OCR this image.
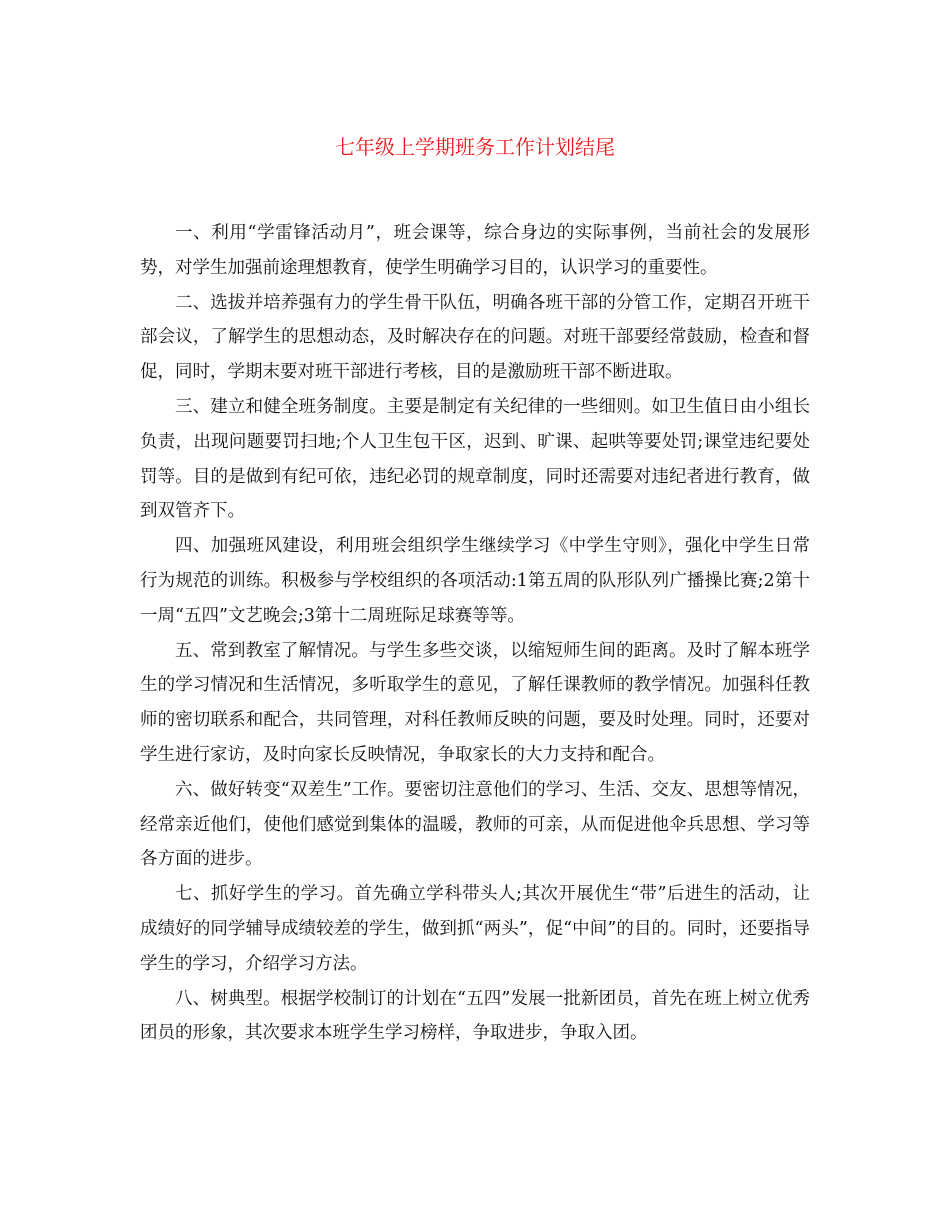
七年级上学期班务工作计划结尾

一、利用“学雷锋活动月”，班会课等，综合身边的实际事例，当前社会的发展形势，对学生加强前途理想教育，使学生明确学习目的，认识学习的重要性。

二、选拔并培养强有力的学生骨干队伍，明确各班干部的分管工作，定期召开班干部会议，了解学生的思想动态，及时解决存在的问题。对班干部要经常鼓励，检查和督促，同时，学期末要对班干部进行考核，目的是激励班干部不断进取。

三、建立和健全班务制度。主要是制定有关纪律的一些细则。如卫生值日由小组长负责，出现问题要罚扫地;个人卫生包干区，迟到、旷课、起哄等要处罚;课堂违纪要处罚等。目的是做到有纪可依，违纪必罚的规章制度，同时还需要对违纪者进行教育，做到双管齐下。

四、加强班风建设，利用班会组织学生继续学习《中学生守则》，强化中学生日常行为规范的训练。积极参与学校组织的各项活动:1第五周的队形队列广播操比赛;2第十一周“五四”文艺晚会;3第十二周班际足球赛等等。

五、常到教室了解情况。与学生多些交谈，以缩短师生间的距离。及时了解本班学生的学习情况和生活情况，多听取学生的意见，了解任课教师的教学情况。加强科任教师的密切联系和配合，共同管理，对科任教师反映的问题，要及时处理。同时，还要对学生进行家访，及时向家长反映情况，争取家长的大力支持和配合。

六、做好转变“双差生”工作。要密切注意他们的学习、生活、交友、思想等情况，经常亲近他们，使他们感觉到集体的温暖，教师的可亲，从而促进他伞兵思想、学习等各方面的进步。

七、抓好学生的学习。首先确立学科带头人;其次开展优生“带”后进生的活动，让成绩好的同学辅导成绩较差的学生，做到抓“两头”，促“中间”的目的。同时，还要指导学生的学习，介绍学习方法。

八、树典型。根据学校制订的计划在“五四”发展一批新团员，首先在班上树立优秀团员的形象，其次要求本班学生学习榜样，争取进步，争取入团。
